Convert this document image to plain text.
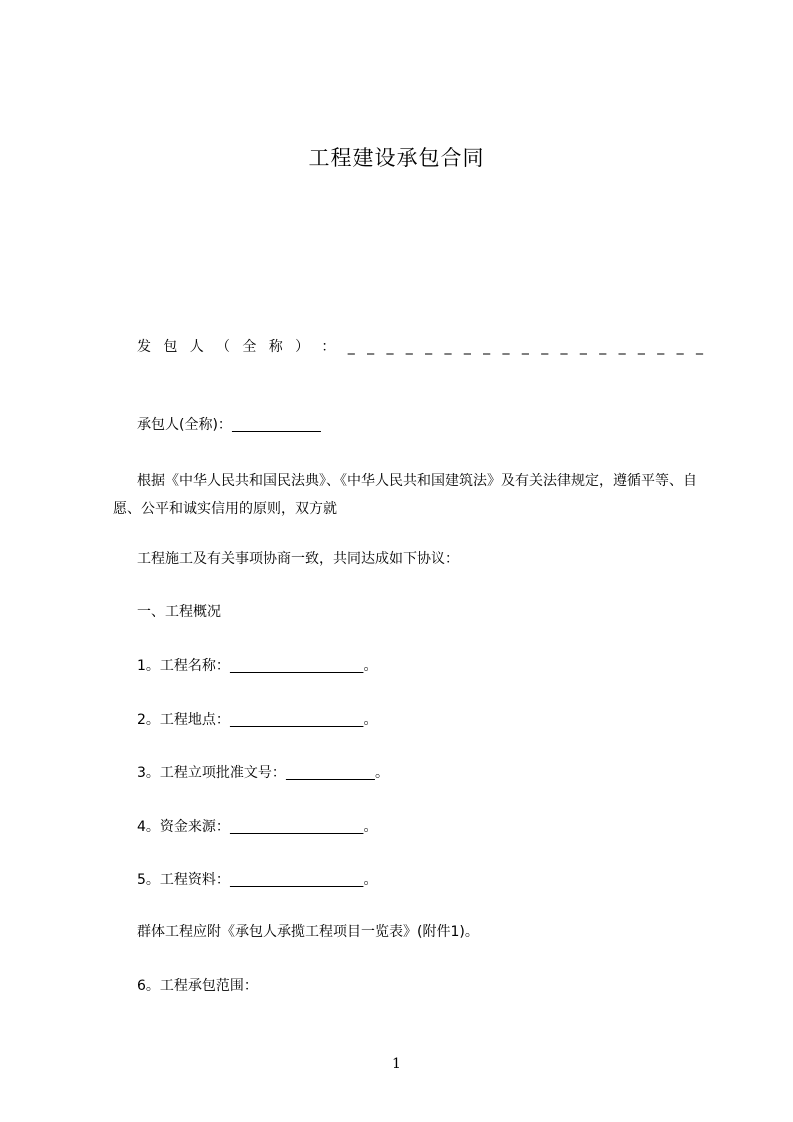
工程建设承包合同
发 包 人 （ 全 称 ） ： _ _ _ _ _ _ _ _ _ _ _ _ _ _ _ _ _ _ _
承包人(全称)：
根据《中华人民共和国民法典》、《中华人民共和国建筑法》及有关法律规定，遵循平等、自愿、公平和诚实信用的原则，双方就
工程施工及有关事项协商一致，共同达成如下协议：
一、工程概况
1。工程名称：	。
2。工程地点：	。
3。工程立项批准文号：	。
4。资金来源：	。
5。工程资料：	。
群体工程应附《承包人承揽工程项目一览表》(附件1)。
6。工程承包范围：
1
